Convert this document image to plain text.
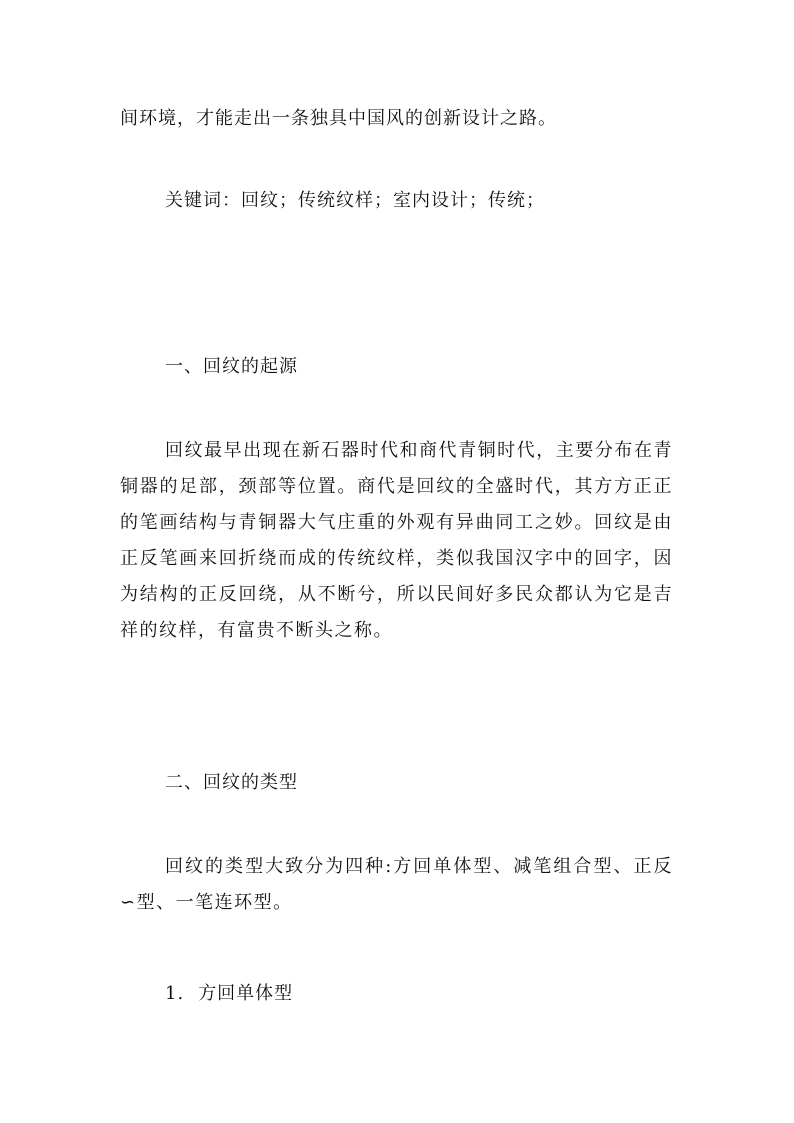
间环境，才能走出一条独具中国风的创新设计之路。
关键词：回纹；传统纹样；室内设计；传统；
一、回纹的起源
回纹最早出现在新石器时代和商代青铜时代，主要分布在青铜器的足部，颈部等位置。商代是回纹的全盛时代，其方方正正的笔画结构与青铜器大气庄重的外观有异曲同工之妙。回纹是由正反笔画来回折绕而成的传统纹样，类似我国汉字中的回字，因为结构的正反回绕，从不断兮，所以民间好多民众都认为它是吉祥的纹样，有富贵不断头之称。
二、回纹的类型
回纹的类型大致分为四种:方回单体型、减笔组合型、正反∽型、一笔连环型。
1. 方回单体型
